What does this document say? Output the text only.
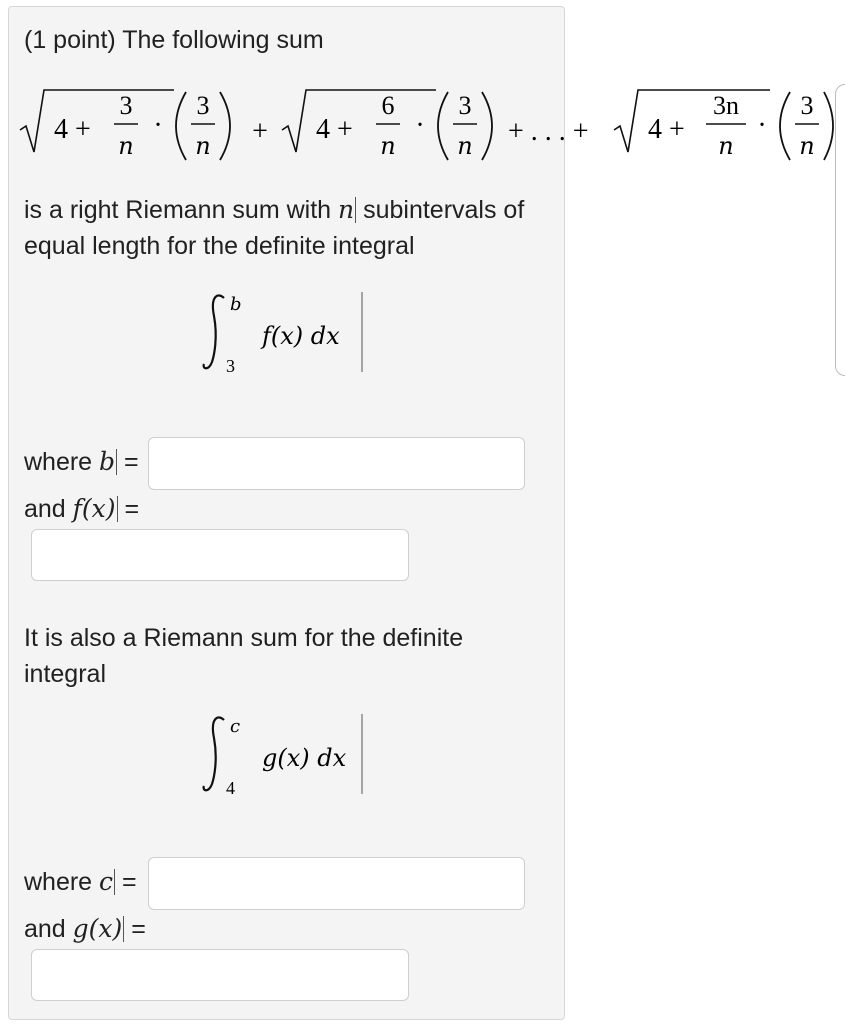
(1 point) The following sum
4 +
3
n
·
3
n + 4 +
6
n
·
3
n + . . . + 4 +
3n
n
·
3
n
is a right Riemann sum with n subintervals of
equal length for the definite integral
b
3
f(x) dx
where b =
and f(x) =
It is also a Riemann sum for the definite
integral
c
4
g(x) dx
where c =
and g(x) =
